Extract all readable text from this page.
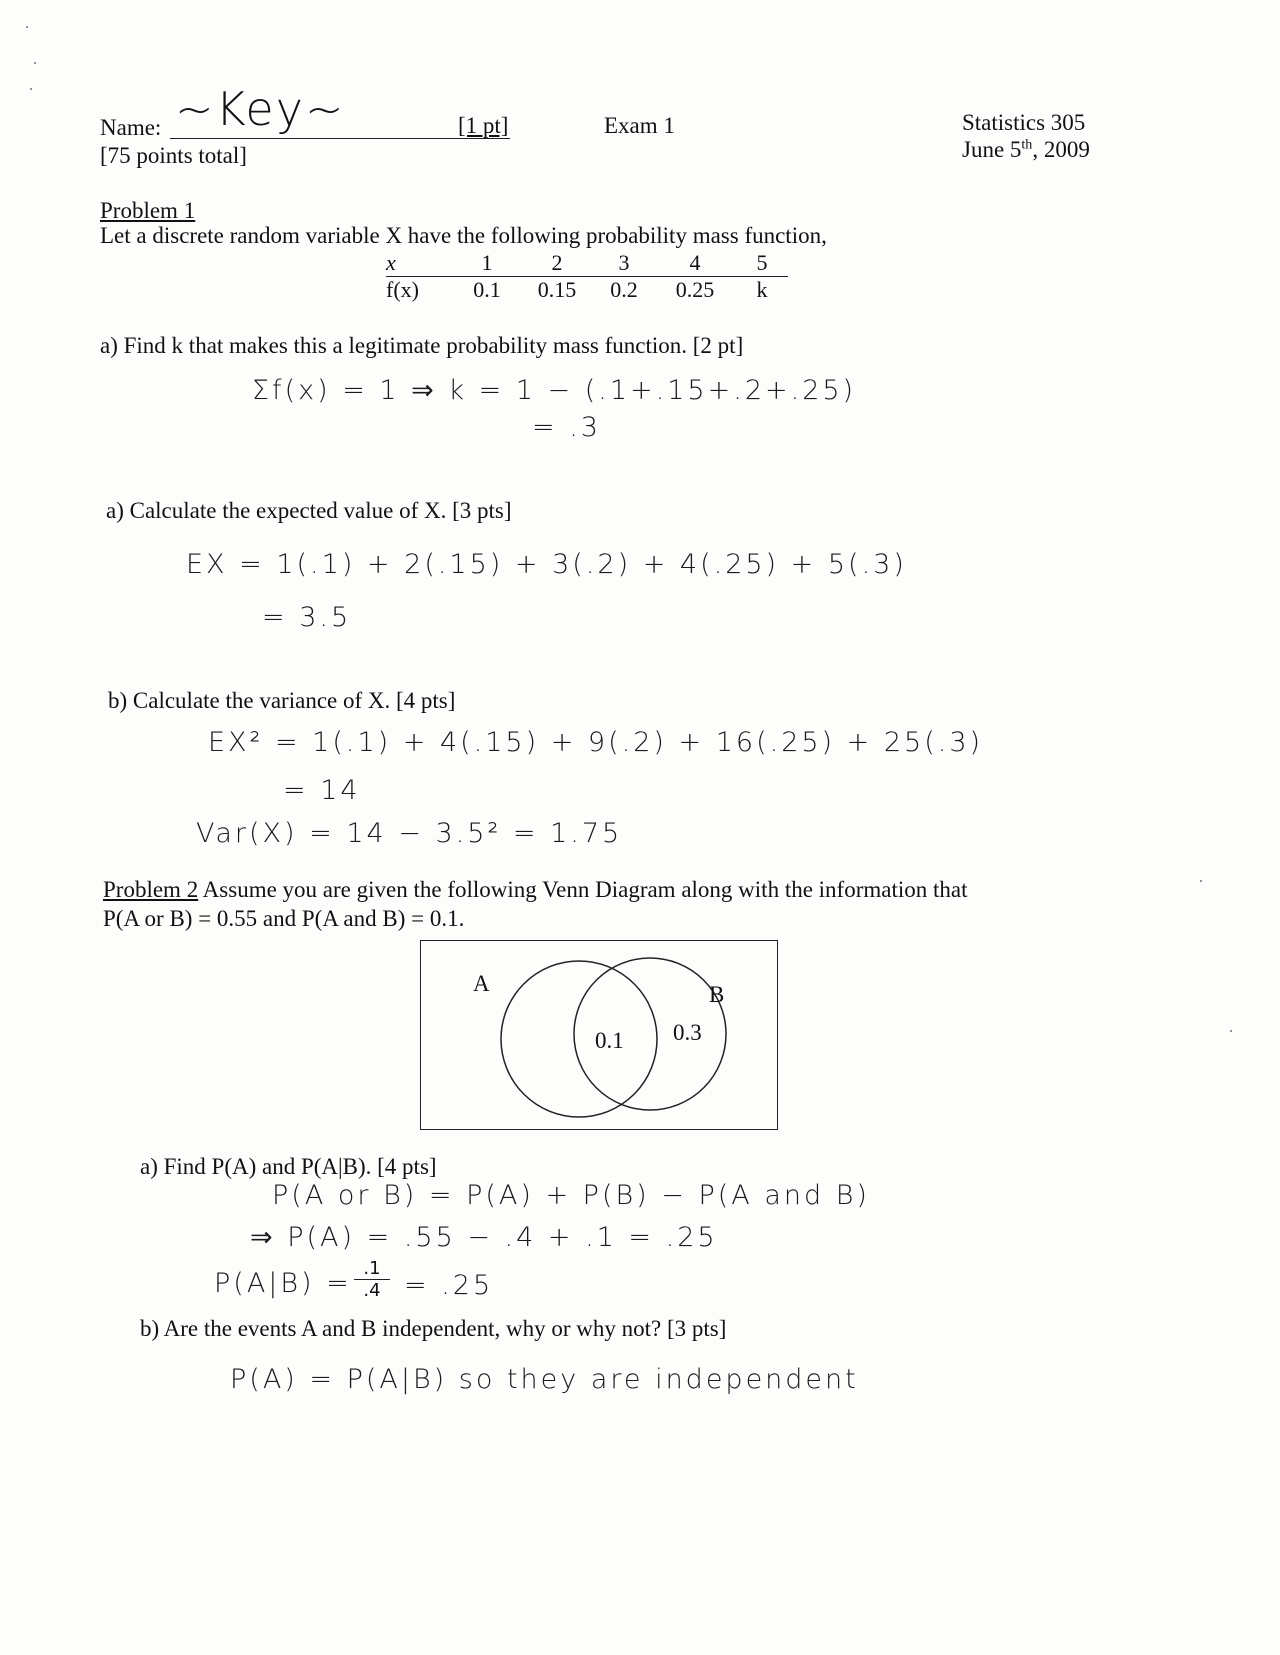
Name: ~Key~	[1 pt]
[75 points total]
Exam 1	Statistics 305
June 5th, 2009
Problem 1
Let a discrete random variable X have the following probability mass function,
x	1	2	3	4	5
f(x)	0.1	0.15	0.2	0.25	k
a) Find k that makes this a legitimate probability mass function. [2 pt]
Σf(x) = 1 ⇒ k = 1 − (.1+.15+.2+.25)
= .3
a) Calculate the expected value of X. [3 pts]
EX = 1(.1) + 2(.15) + 3(.2) + 4(.25) + 5(.3)
= 3.5
b) Calculate the variance of X. [4 pts]
EX² = 1(.1) + 4(.15) + 9(.2) + 16(.25) + 25(.3)
= 14
Var(X) = 14 − 3.5² = 1.75
Problem 2 Assume you are given the following Venn Diagram along with the information that
P(A or B) = 0.55 and P(A and B) = 0.1.
A	B
0.1 0.3
a) Find P(A) and P(A|B). [4 pts]
P(A or B) = P(A) + P(B) − P(A and B)
⇒ P(A) = .55 − .4 + .1 = .25
$P(A|B) = \frac{.1}{.4} = .25$
b) Are the events A and B independent, why or why not? [3 pts]
P(A) = P(A|B) so they are independent
